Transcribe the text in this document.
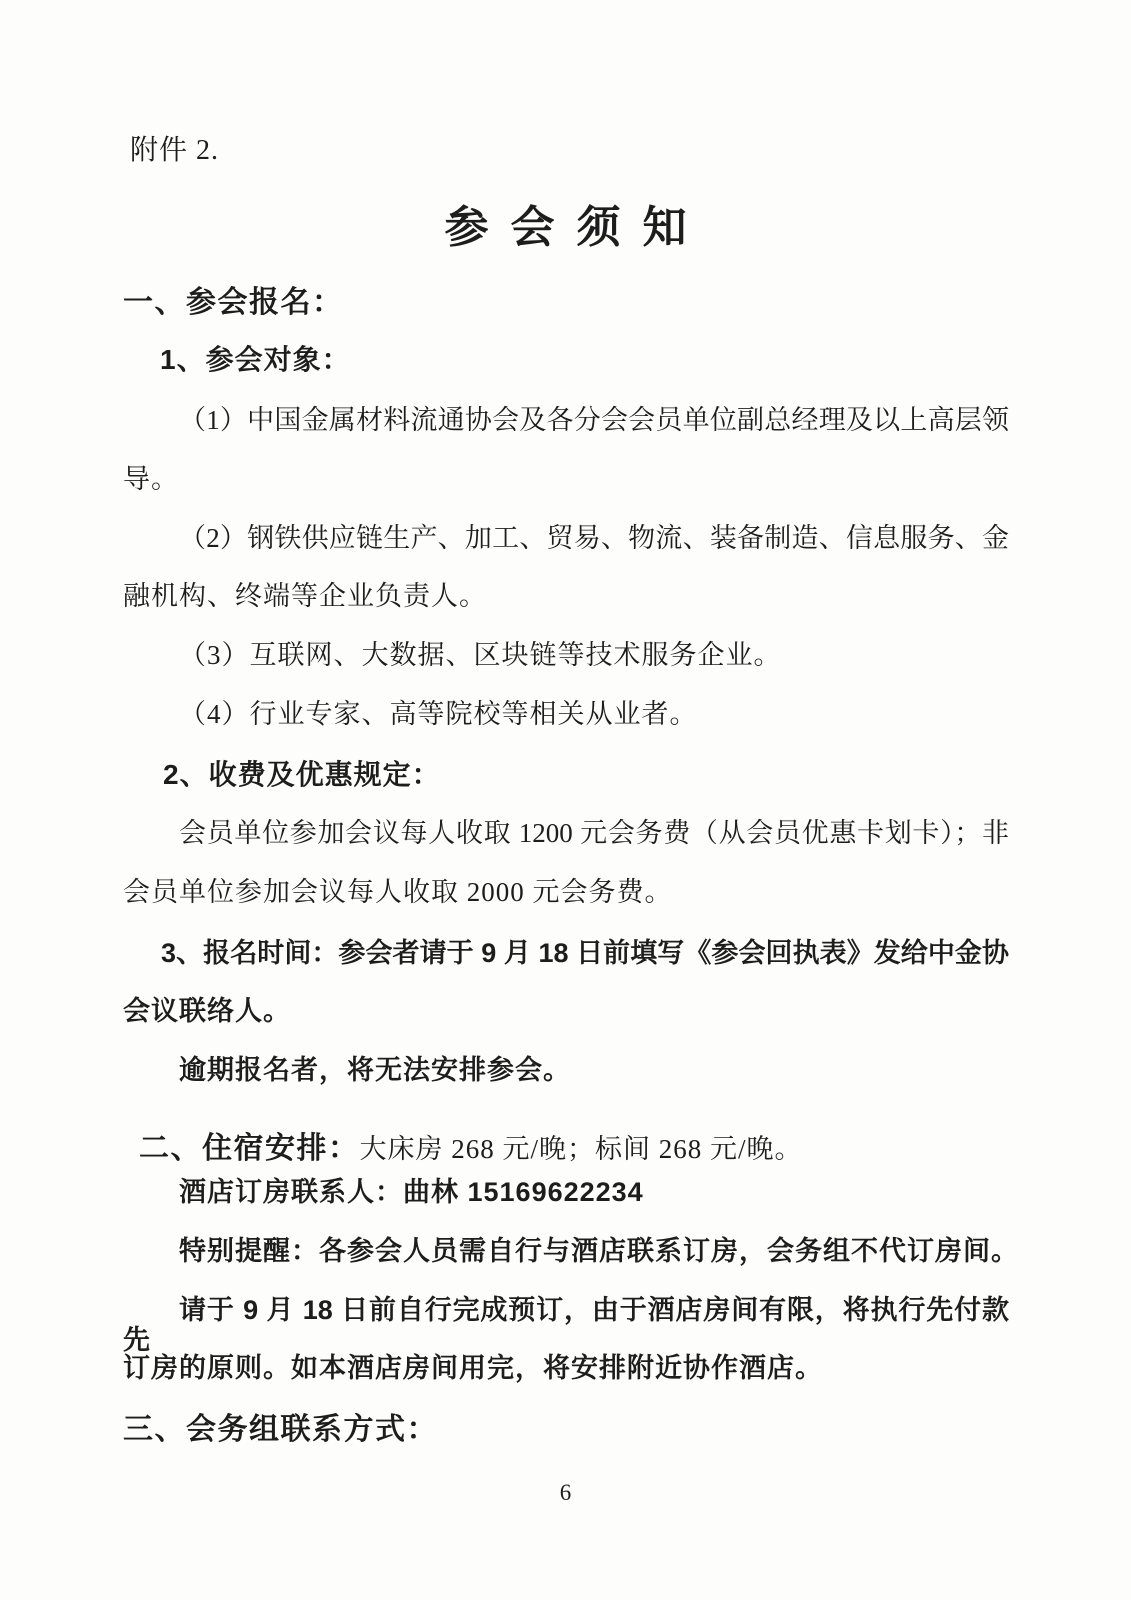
附件 2.
参会须知
一、参会报名：
1、参会对象：
（1）中国金属材料流通协会及各分会会员单位副总经理及以上高层领
导。
（2）钢铁供应链生产、加工、贸易、物流、装备制造、信息服务、金
融机构、终端等企业负责人。
（3）互联网、大数据、区块链等技术服务企业。
（4）行业专家、高等院校等相关从业者。
2、收费及优惠规定：
会员单位参加会议每人收取 1200 元会务费（从会员优惠卡划卡）；非
会员单位参加会议每人收取 2000 元会务费。
3、报名时间：参会者请于 9 月 18 日前填写《参会回执表》发给中金协
会议联络人。
逾期报名者，将无法安排参会。

二、住宿安排：大床房 268 元/晚；标间 268 元/晚。

酒店订房联系人：曲林 15169622234
特别提醒：各参会人员需自行与酒店联系订房，会务组不代订房间。
请于 9 月 18 日前自行完成预订，由于酒店房间有限，将执行先付款先
订房的原则。如本酒店房间用完，将安排附近协作酒店。
三、会务组联系方式：
6
